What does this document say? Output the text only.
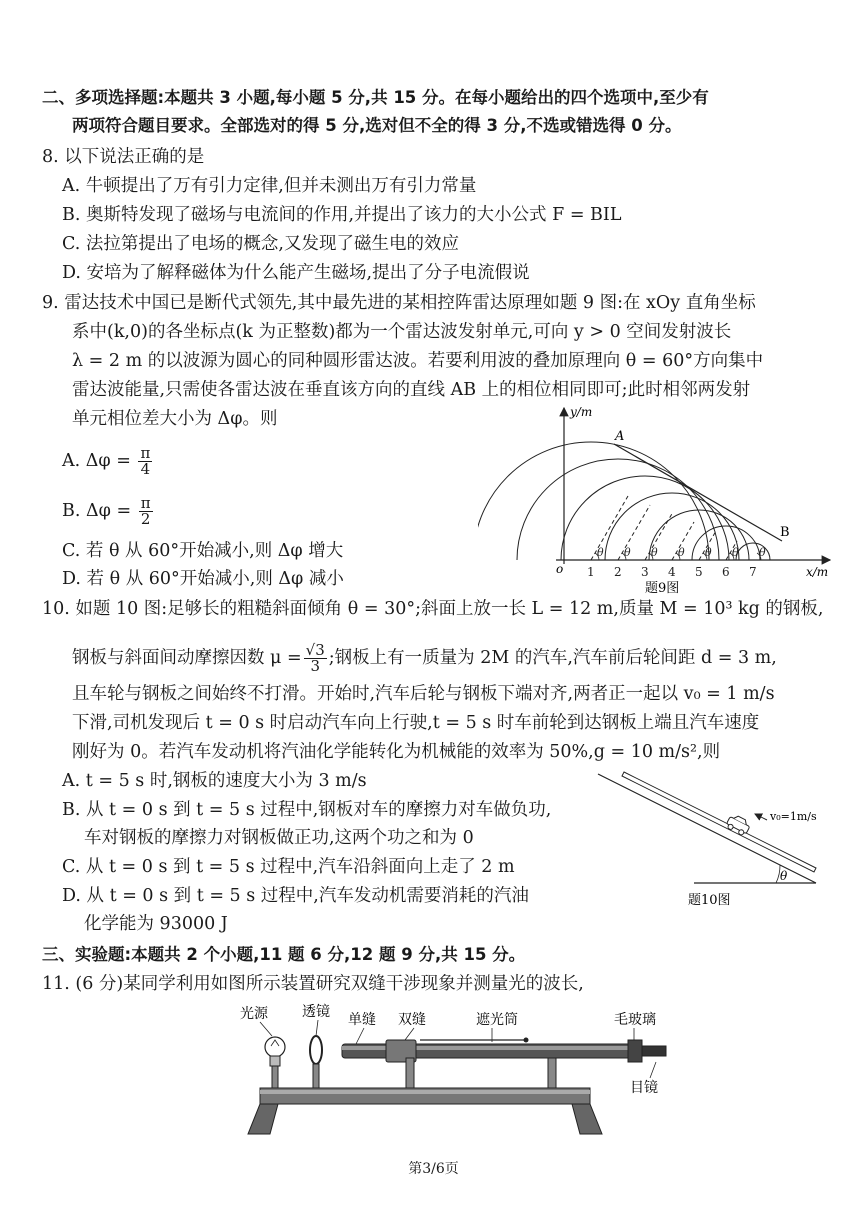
二、多项选择题:本题共 3 小题,每小题 5 分,共 15 分。在每小题给出的四个选项中,至少有
两项符合题目要求。全部选对的得 5 分,选对但不全的得 3 分,不选或错选得 0 分。
8. 以下说法正确的是
A. 牛顿提出了万有引力定律,但并未测出万有引力常量
B. 奥斯特发现了磁场与电流间的作用,并提出了该力的大小公式 F = BIL
C. 法拉第提出了电场的概念,又发现了磁生电的效应
D. 安培为了解释磁体为什么能产生磁场,提出了分子电流假说
9. 雷达技术中国已是断代式领先,其中最先进的某相控阵雷达原理如题 9 图:在 xOy 直角坐标
系中(k,0)的各坐标点(k 为正整数)都为一个雷达波发射单元,可向 y > 0 空间发射波长
λ = 2 m 的以波源为圆心的同种圆形雷达波。若要利用波的叠加原理向 θ = 60°方向集中
雷达波能量,只需使各雷达波在垂直该方向的直线 AB 上的相位相同即可;此时相邻两发射
单元相位差大小为 Δφ。则
A. $\Delta\varphi = \frac{\pi}{4}$
B. $\Delta\varphi = \frac{\pi}{2}$
C. 若 θ 从 60°开始减小,则 Δφ 增大
D. 若 θ 从 60°开始减小,则 Δφ 减小
θ θ θ θ θ θ θ
y/m
x/m
o
A
B
1 2 3 4 5 6 7
题9图
10. 如题 10 图:足够长的粗糙斜面倾角 θ = 30°;斜面上放一长 L = 12 m,质量 M = 10³ kg 的钢板,
钢板与斜面间动摩擦因数 $\mu = \frac{√3}{3}$ ;钢板上有一质量为 2M 的汽车,汽车前后轮间距 d = 3 m,
且车轮与钢板之间始终不打滑。开始时,汽车后轮与钢板下端对齐,两者正一起以 v₀ = 1 m/s
下滑,司机发现后 t = 0 s 时启动汽车向上行驶,t = 5 s 时车前轮到达钢板上端且汽车速度
刚好为 0。若汽车发动机将汽油化学能转化为机械能的效率为 50%,g = 10 m/s²,则
A. t = 5 s 时,钢板的速度大小为 3 m/s
B. 从 t = 0 s 到 t = 5 s 过程中,钢板对车的摩擦力对车做负功,
车对钢板的摩擦力对钢板做正功,这两个功之和为 0
C. 从 t = 0 s 到 t = 5 s 过程中,汽车沿斜面向上走了 2 m
D. 从 t = 0 s 到 t = 5 s 过程中,汽车发动机需要消耗的汽油
化学能为 93000 J
θ
v₀=1m/s
题10图
三、实验题:本题共 2 个小题,11 题 6 分,12 题 9 分,共 15 分。
11. (6 分)某同学利用如图所示装置研究双缝干涉现象并测量光的波长,
光源 透镜 单缝 双缝	遮光筒	毛玻璃
目镜
第3/6页
